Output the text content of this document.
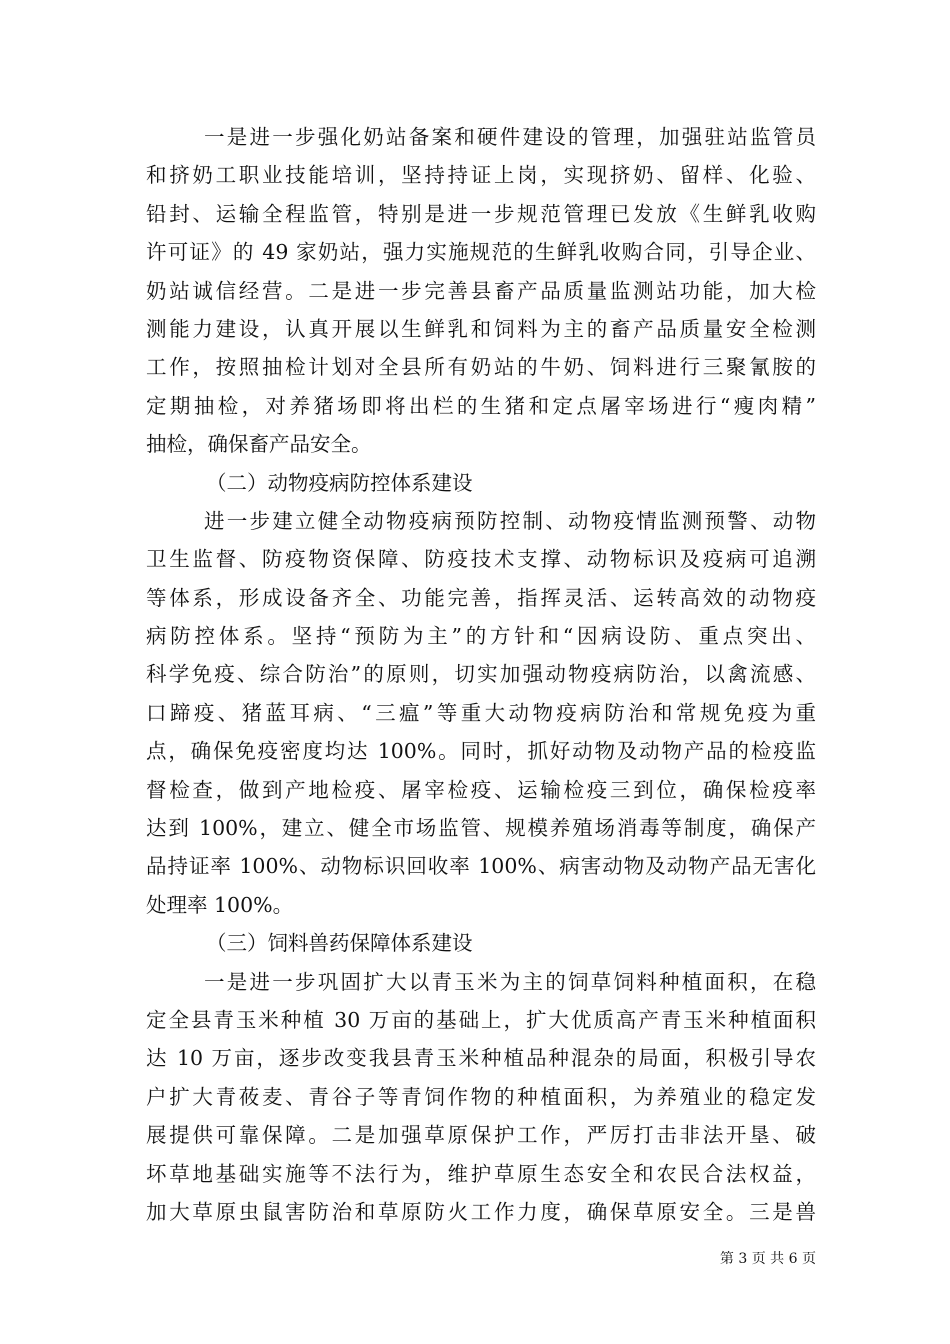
一是进一步强化奶站备案和硬件建设的管理，加强驻站监管员
和挤奶工职业技能培训，坚持持证上岗，实现挤奶、留样、化验、
铅封、运输全程监管，特别是进一步规范管理已发放《生鲜乳收购
许可证》的 49 家奶站，强力实施规范的生鲜乳收购合同，引导企业、
奶站诚信经营。二是进一步完善县畜产品质量监测站功能，加大检
测能力建设，认真开展以生鲜乳和饲料为主的畜产品质量安全检测
工作，按照抽检计划对全县所有奶站的牛奶、饲料进行三聚氰胺的
定期抽检，对养猪场即将出栏的生猪和定点屠宰场进行“瘦肉精”
抽检，确保畜产品安全。
（二）动物疫病防控体系建设
进一步建立健全动物疫病预防控制、动物疫情监测预警、动物
卫生监督、防疫物资保障、防疫技术支撑、动物标识及疫病可追溯
等体系，形成设备齐全、功能完善，指挥灵活、运转高效的动物疫
病防控体系。坚持“预防为主”的方针和“因病设防、重点突出、
科学免疫、综合防治”的原则，切实加强动物疫病防治，以禽流感、
口蹄疫、猪蓝耳病、“三瘟”等重大动物疫病防治和常规免疫为重
点，确保免疫密度均达 100%。同时，抓好动物及动物产品的检疫监
督检查，做到产地检疫、屠宰检疫、运输检疫三到位，确保检疫率
达到 100%，建立、健全市场监管、规模养殖场消毒等制度，确保产
品持证率 100%、动物标识回收率 100%、病害动物及动物产品无害化
处理率 100%。
（三）饲料兽药保障体系建设
一是进一步巩固扩大以青玉米为主的饲草饲料种植面积，在稳
定全县青玉米种植 30 万亩的基础上，扩大优质高产青玉米种植面积
达 10 万亩，逐步改变我县青玉米种植品种混杂的局面，积极引导农
户扩大青莜麦、青谷子等青饲作物的种植面积，为养殖业的稳定发
展提供可靠保障。二是加强草原保护工作，严厉打击非法开垦、破
坏草地基础实施等不法行为，维护草原生态安全和农民合法权益，
加大草原虫鼠害防治和草原防火工作力度，确保草原安全。三是兽
第 3 页 共 6 页
